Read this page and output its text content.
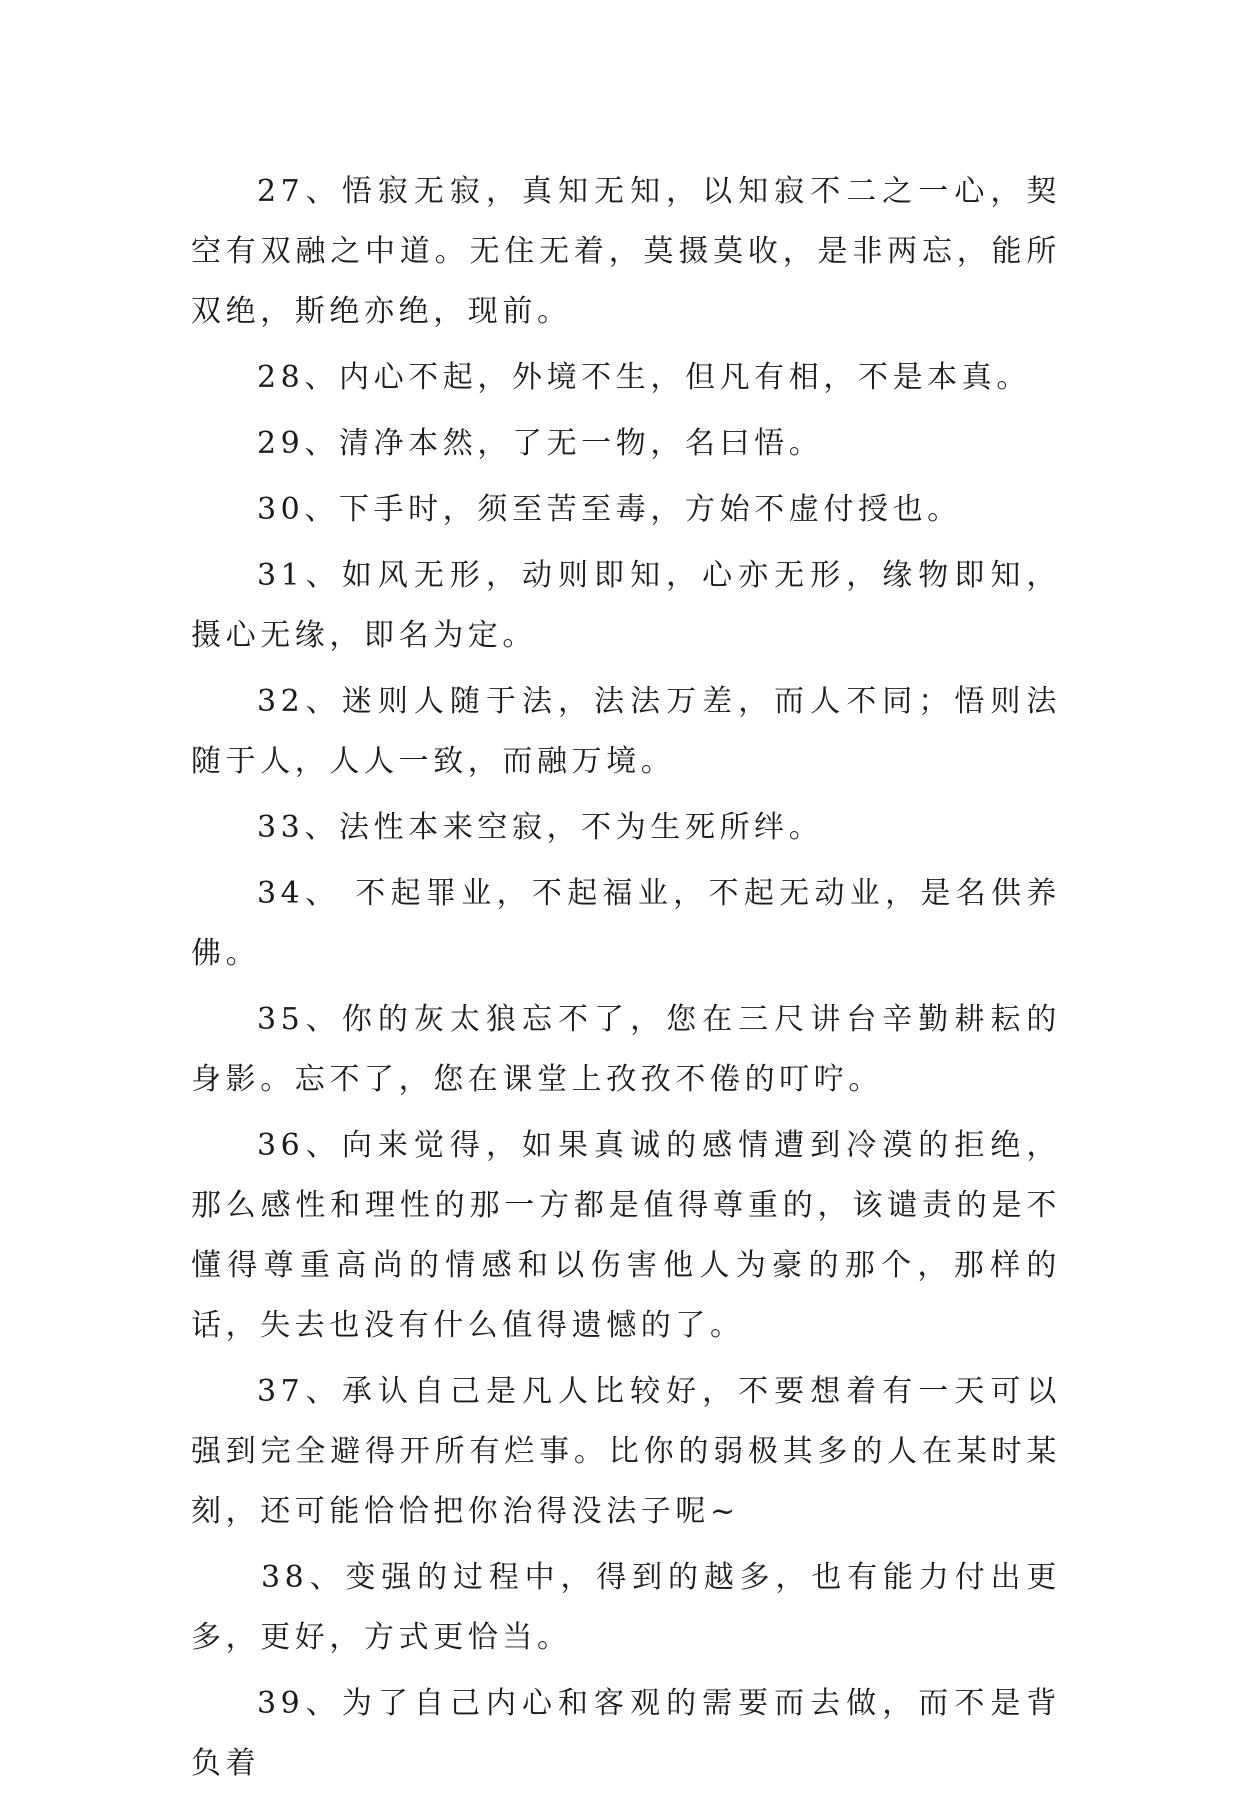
27、悟寂无寂，真知无知，以知寂不二之一心，契空有双融之中道。无住无着，莫摄莫收，是非两忘，能所双绝，斯绝亦绝，现前。

28、内心不起，外境不生，但凡有相，不是本真。

29、清净本然，了无一物，名曰悟。

30、下手时，须至苦至毒，方始不虚付授也。

31、如风无形，动则即知，心亦无形，缘物即知，摄心无缘，即名为定。

32、迷则人随于法，法法万差，而人不同；悟则法随于人，人人一致，而融万境。

33、法性本来空寂，不为生死所绊。

34、 不起罪业，不起福业，不起无动业，是名供养佛。

35、你的灰太狼忘不了，您在三尺讲台辛勤耕耘的身影。忘不了，您在课堂上孜孜不倦的叮咛。

36、向来觉得，如果真诚的感情遭到冷漠的拒绝，那么感性和理性的那一方都是值得尊重的，该谴责的是不懂得尊重高尚的情感和以伤害他人为豪的那个，那样的话，失去也没有什么值得遗憾的了。

37、承认自己是凡人比较好，不要想着有一天可以强到完全避得开所有烂事。比你的弱极其多的人在某时某刻，还可能恰恰把你治得没法子呢~

38、变强的过程中，得到的越多，也有能力付出更多，更好，方式更恰当。

39、为了自己内心和客观的需要而去做，而不是背负着
